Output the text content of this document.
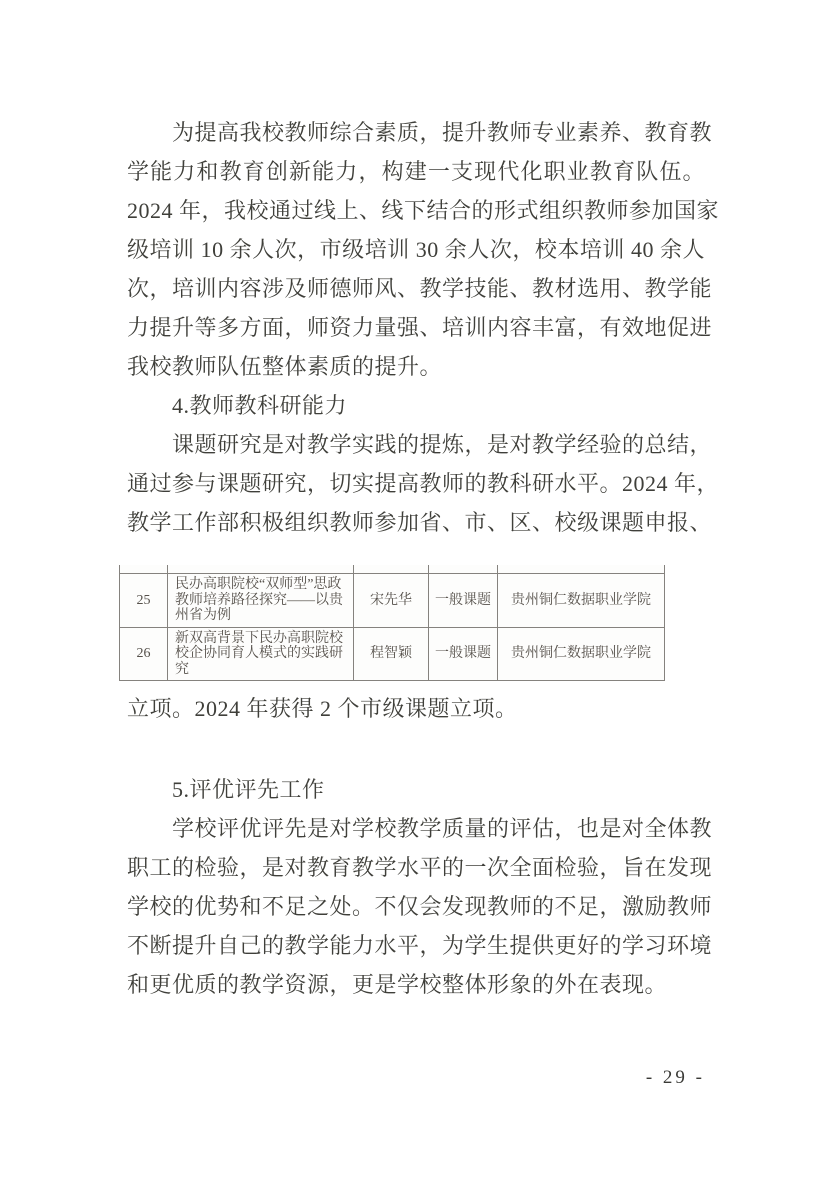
为提高我校教师综合素质，提升教师专业素养、教育教
学能力和教育创新能力，构建一支现代化职业教育队伍。
2024 年，我校通过线上、线下结合的形式组织教师参加国家
级培训 10 余人次，市级培训 30 余人次，校本培训 40 余人
次，培训内容涉及师德师风、教学技能、教材选用、教学能
力提升等多方面，师资力量强、培训内容丰富，有效地促进
我校教师队伍整体素质的提升。
4.教师教科研能力
课题研究是对教学实践的提炼，是对教学经验的总结，
通过参与课题研究，切实提高教师的教科研水平。2024 年，
教学工作部积极组织教师参加省、市、区、校级课题申报、

25	民办高职院校“双师型”思政教师培养路径探究——以贵州省为例	宋先华	一般课题	贵州铜仁数据职业学院
26	新双高背景下民办高职院校校企协同育人模式的实践研究	程智颖	一般课题	贵州铜仁数据职业学院
立项。2024 年获得 2 个市级课题立项。
5.评优评先工作
学校评优评先是对学校教学质量的评估，也是对全体教
职工的检验，是对教育教学水平的一次全面检验，旨在发现
学校的优势和不足之处。不仅会发现教师的不足，激励教师
不断提升自己的教学能力水平，为学生提供更好的学习环境
和更优质的教学资源，更是学校整体形象的外在表现。
- 29 -
